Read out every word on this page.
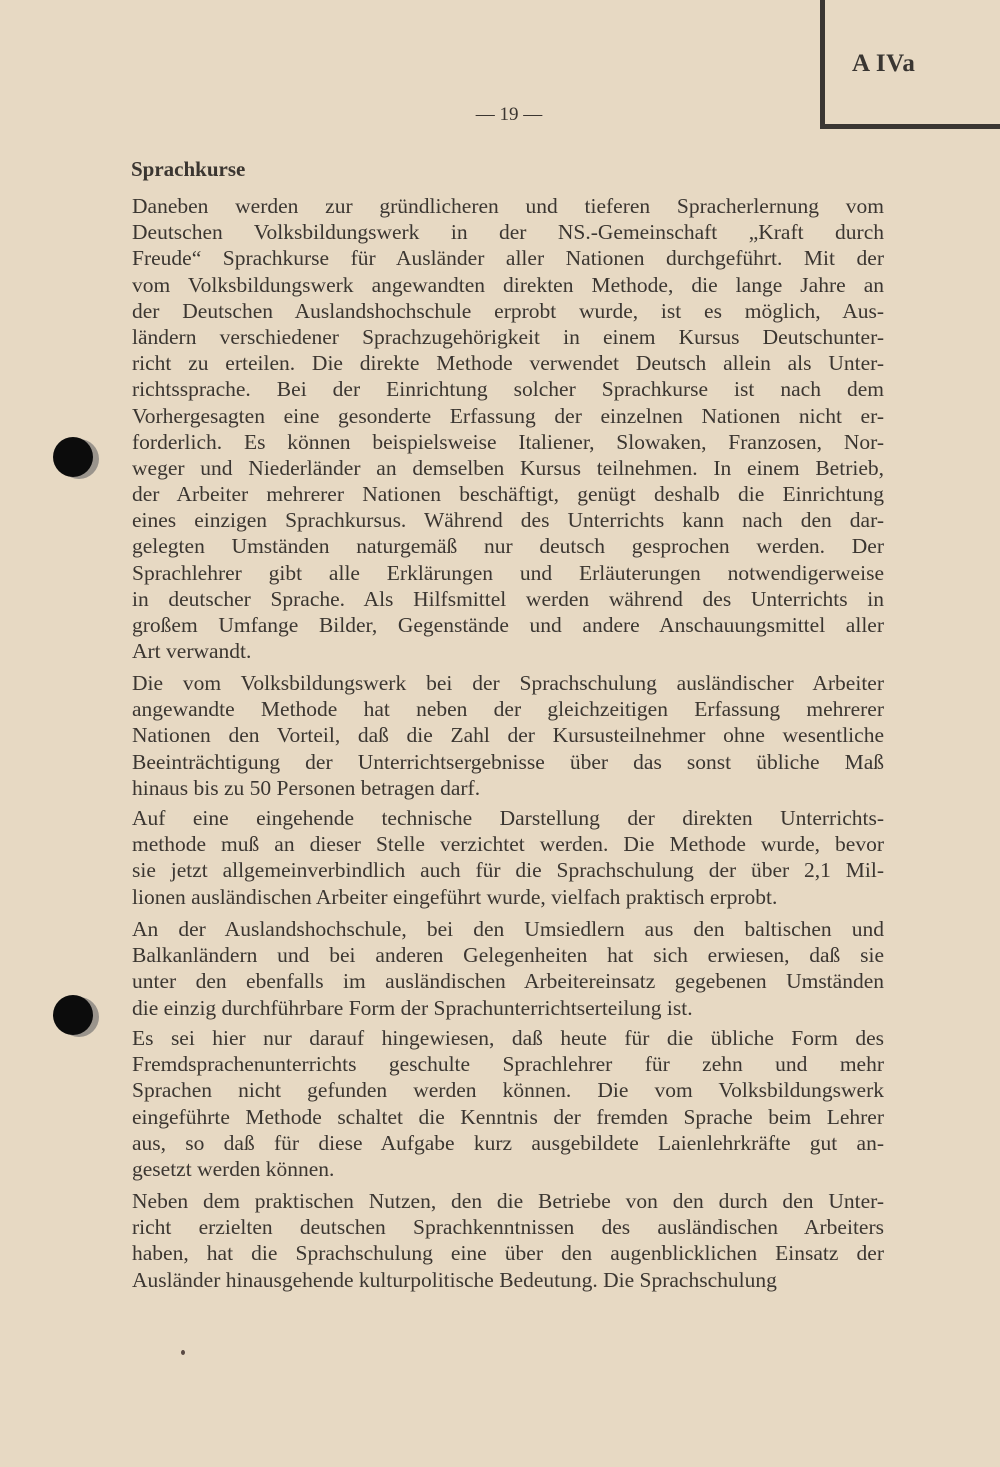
A IVa
— 19 —
Sprachkurse
Daneben werden zur gründlicheren und tieferen Spracherlernung vom
Deutschen Volksbildungswerk in der NS.-Gemeinschaft „Kraft durch
Freude“ Sprachkurse für Ausländer aller Nationen durchgeführt. Mit der
vom Volksbildungswerk angewandten direkten Methode, die lange Jahre an
der Deutschen Auslandshochschule erprobt wurde, ist es möglich, Aus-
ländern verschiedener Sprachzugehörigkeit in einem Kursus Deutschunter-
richt zu erteilen. Die direkte Methode verwendet Deutsch allein als Unter-
richtssprache. Bei der Einrichtung solcher Sprachkurse ist nach dem
Vorhergesagten eine gesonderte Erfassung der einzelnen Nationen nicht er-
forderlich. Es können beispielsweise Italiener, Slowaken, Franzosen, Nor-
weger und Niederländer an demselben Kursus teilnehmen. In einem Betrieb,
der Arbeiter mehrerer Nationen beschäftigt, genügt deshalb die Einrichtung
eines einzigen Sprachkursus. Während des Unterrichts kann nach den dar-
gelegten Umständen naturgemäß nur deutsch gesprochen werden. Der
Sprachlehrer gibt alle Erklärungen und Erläuterungen notwendigerweise
in deutscher Sprache. Als Hilfsmittel werden während des Unterrichts in
großem Umfange Bilder, Gegenstände und andere Anschauungsmittel aller
Art verwandt.
Die vom Volksbildungswerk bei der Sprachschulung ausländischer Arbeiter
angewandte Methode hat neben der gleichzeitigen Erfassung mehrerer
Nationen den Vorteil, daß die Zahl der Kursusteilnehmer ohne wesentliche
Beeinträchtigung der Unterrichtsergebnisse über das sonst übliche Maß
hinaus bis zu 50 Personen betragen darf.
Auf eine eingehende technische Darstellung der direkten Unterrichts-
methode muß an dieser Stelle verzichtet werden. Die Methode wurde, bevor
sie jetzt allgemeinverbindlich auch für die Sprachschulung der über 2,1 Mil-
lionen ausländischen Arbeiter eingeführt wurde, vielfach praktisch erprobt.
An der Auslandshochschule, bei den Umsiedlern aus den baltischen und
Balkanländern und bei anderen Gelegenheiten hat sich erwiesen, daß sie
unter den ebenfalls im ausländischen Arbeitereinsatz gegebenen Umständen
die einzig durchführbare Form der Sprachunterrichtserteilung ist.
Es sei hier nur darauf hingewiesen, daß heute für die übliche Form des
Fremdsprachenunterrichts geschulte Sprachlehrer für zehn und mehr
Sprachen nicht gefunden werden können. Die vom Volksbildungswerk
eingeführte Methode schaltet die Kenntnis der fremden Sprache beim Lehrer
aus, so daß für diese Aufgabe kurz ausgebildete Laienlehrkräfte gut an-
gesetzt werden können.
Neben dem praktischen Nutzen, den die Betriebe von den durch den Unter-
richt erzielten deutschen Sprachkenntnissen des ausländischen Arbeiters
haben, hat die Sprachschulung eine über den augenblicklichen Einsatz der
Ausländer hinausgehende kulturpolitische Bedeutung. Die Sprachschulung
